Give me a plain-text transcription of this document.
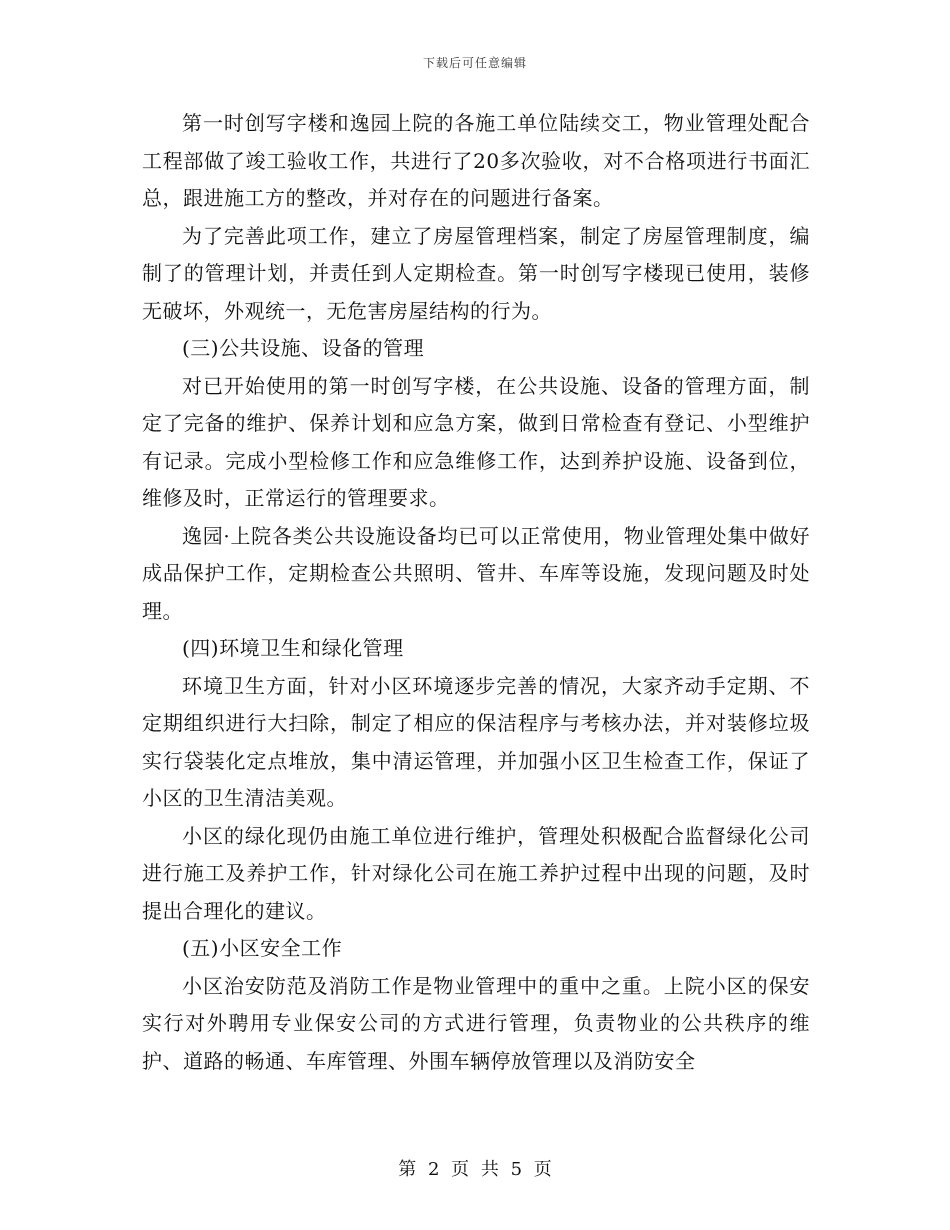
下载后可任意编辑

第一时创写字楼和逸园上院的各施工单位陆续交工，物业管理处配合工程部做了竣工验收工作，共进行了20多次验收，对不合格项进行书面汇总，跟进施工方的整改，并对存在的问题进行备案。

为了完善此项工作，建立了房屋管理档案，制定了房屋管理制度，编制了的管理计划，并责任到人定期检查。第一时创写字楼现已使用，装修无破坏，外观统一，无危害房屋结构的行为。

(三)公共设施、设备的管理

对已开始使用的第一时创写字楼，在公共设施、设备的管理方面，制定了完备的维护、保养计划和应急方案，做到日常检查有登记、小型维护有记录。完成小型检修工作和应急维修工作，达到养护设施、设备到位，维修及时，正常运行的管理要求。

逸园·上院各类公共设施设备均已可以正常使用，物业管理处集中做好成品保护工作，定期检查公共照明、管井、车库等设施，发现问题及时处理。

(四)环境卫生和绿化管理

环境卫生方面，针对小区环境逐步完善的情况，大家齐动手定期、不定期组织进行大扫除，制定了相应的保洁程序与考核办法，并对装修垃圾实行袋装化定点堆放，集中清运管理，并加强小区卫生检查工作，保证了小区的卫生清洁美观。

小区的绿化现仍由施工单位进行维护，管理处积极配合监督绿化公司进行施工及养护工作，针对绿化公司在施工养护过程中出现的问题，及时提出合理化的建议。

(五)小区安全工作

小区治安防范及消防工作是物业管理中的重中之重。上院小区的保安实行对外聘用专业保安公司的方式进行管理，负责物业的公共秩序的维护、道路的畅通、车库管理、外围车辆停放管理以及消防安全

第 2 页 共 5 页
